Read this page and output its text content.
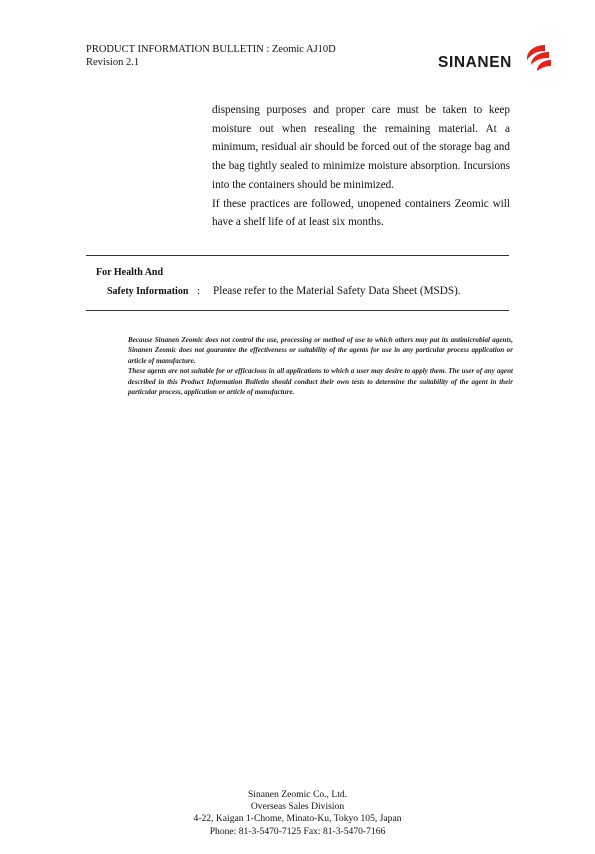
PRODUCT INFORMATION BULLETIN : Zeomic AJ10D
Revision 2.1	SINANEN

dispensing purposes and proper care must be taken to keep moisture out when resealing the remaining material. At a minimum, residual air should be forced out of the storage bag and the bag tightly sealed to minimize moisture absorption. Incursions into the containers should be minimized.

If these practices are followed, unopened containers Zeomic will have a shelf life of at least six months.

For Health And
Safety Information : Please refer to the Material Safety Data Sheet (MSDS).

Because Sinanen Zeomic does not control the use, processing or method of use to which others may put its antimicrobial agents, Sinanen Zeomic does not guarantee the effectiveness or suitability of the agents for use in any particular process application or article of manufacture.

These agents are not suitable for or efficacious in all applications to which a user may desire to apply them. The user of any agent described in this Product Information Bulletin should conduct their own tests to determine the suitability of the agent in their particular process, application or article of manufacture.

Sinanen Zeomic Co., Ltd.
Overseas Sales Division
4-22, Kaigan 1-Chome, Minato-Ku, Tokyo 105, Japan
Phone: 81-3-5470-7125 Fax: 81-3-5470-7166
